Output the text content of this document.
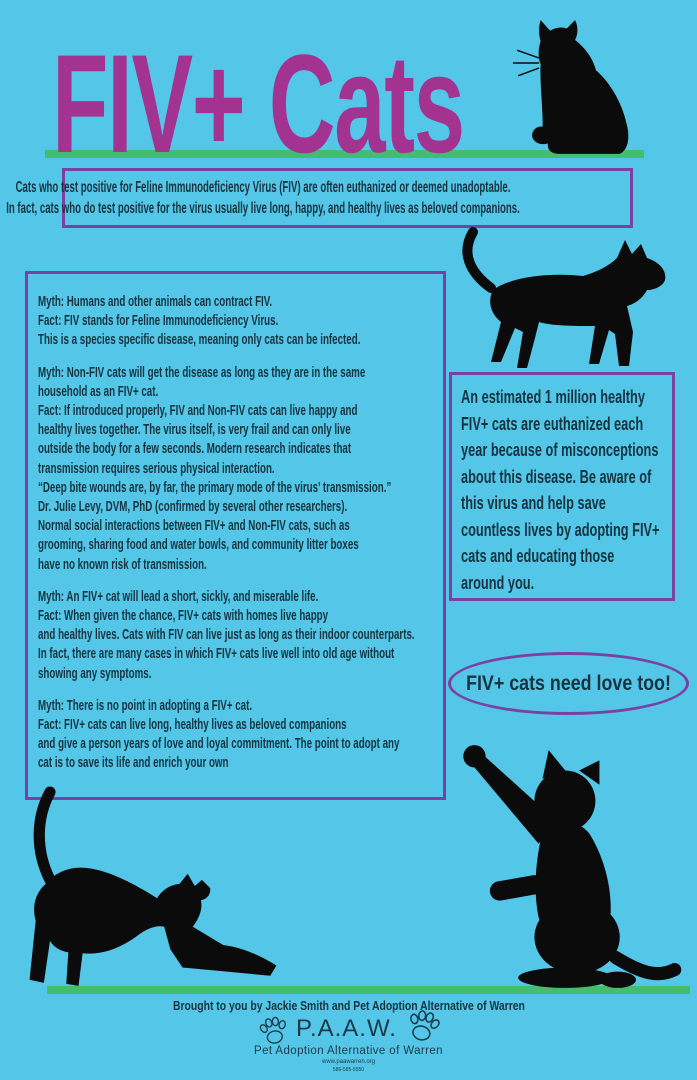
FIV+ Cats
Cats who test positive for Feline Immunodeficiency Virus (FIV) are often euthanized or deemed unadoptable.
In fact, cats who do test positive for the virus usually live long, happy, and healthy lives as beloved companions.

Myth: Humans and other animals can contract FIV.

Fact: FIV stands for Feline Immunodeficiency Virus.

This is a species specific disease, meaning only cats can be infected.

Myth: Non-FIV cats will get the disease as long as they are in the same

household as an FIV+ cat.

Fact: If introduced properly, FIV and Non-FIV cats can live happy and

healthy lives together. The virus itself, is very frail and can only live

outside the body for a few seconds. Modern research indicates that

transmission requires serious physical interaction.

“Deep bite wounds are, by far, the primary mode of the virus’ transmission.”

Dr. Julie Levy, DVM, PhD (confirmed by several other researchers).

Normal social interactions between FIV+ and Non-FIV cats, such as

grooming, sharing food and water bowls, and community litter boxes

have no known risk of transmission.

Myth: An FIV+ cat will lead a short, sickly, and miserable life.

Fact: When given the chance, FIV+ cats with homes live happy

and healthy lives. Cats with FIV can live just as long as their indoor counterparts.

In fact, there are many cases in which FIV+ cats live well into old age without

showing any symptoms.

Myth: There is no point in adopting a FIV+ cat.

Fact: FIV+ cats can live long, healthy lives as beloved companions

and give a person years of love and loyal commitment. The point to adopt any

cat is to save its life and enrich your own

An estimated 1 million healthy
FIV+ cats are euthanized each
year because of misconceptions
about this disease. Be aware of
this virus and help save
countless lives by adopting FIV+
cats and educating those
around you.
FIV+ cats need love too!
Brought to you by Jackie Smith and Pet Adoption Alternative of Warren
P.A.A.W.
Pet Adoption Alternative of Warren
www.paawarren.org
586-585-5550
